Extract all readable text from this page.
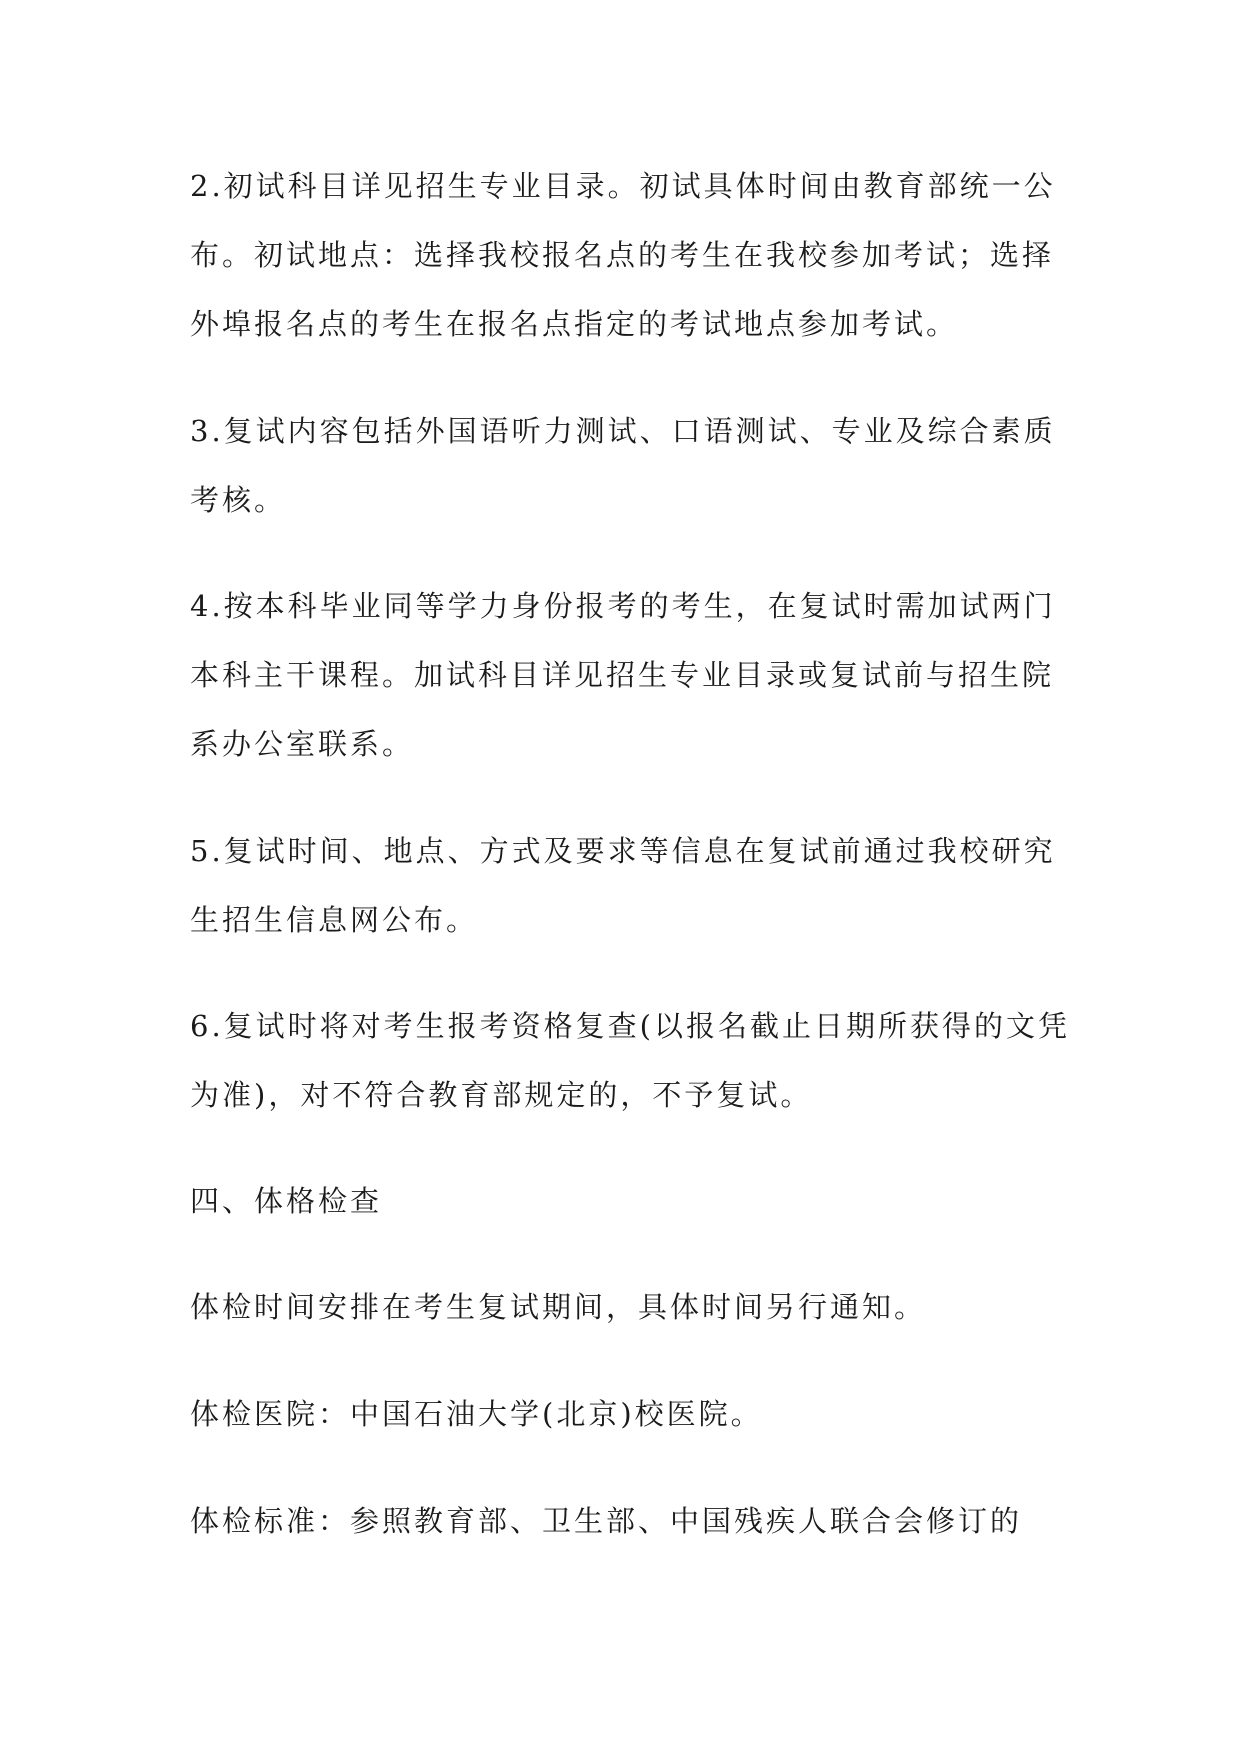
2.初试科目详见招生专业目录。初试具体时间由教育部统一公布。初试地点：选择我校报名点的考生在我校参加考试；选择外埠报名点的考生在报名点指定的考试地点参加考试。

3.复试内容包括外国语听力测试、口语测试、专业及综合素质考核。

4.按本科毕业同等学力身份报考的考生，在复试时需加试两门本科主干课程。加试科目详见招生专业目录或复试前与招生院系办公室联系。

5.复试时间、地点、方式及要求等信息在复试前通过我校研究生招生信息网公布。

6.复试时将对考生报考资格复查(以报名截止日期所获得的文凭为准)，对不符合教育部规定的，不予复试。

四、体格检查

体检时间安排在考生复试期间，具体时间另行通知。

体检医院：中国石油大学(北京)校医院。

体检标准：参照教育部、卫生部、中国残疾人联合会修订的
